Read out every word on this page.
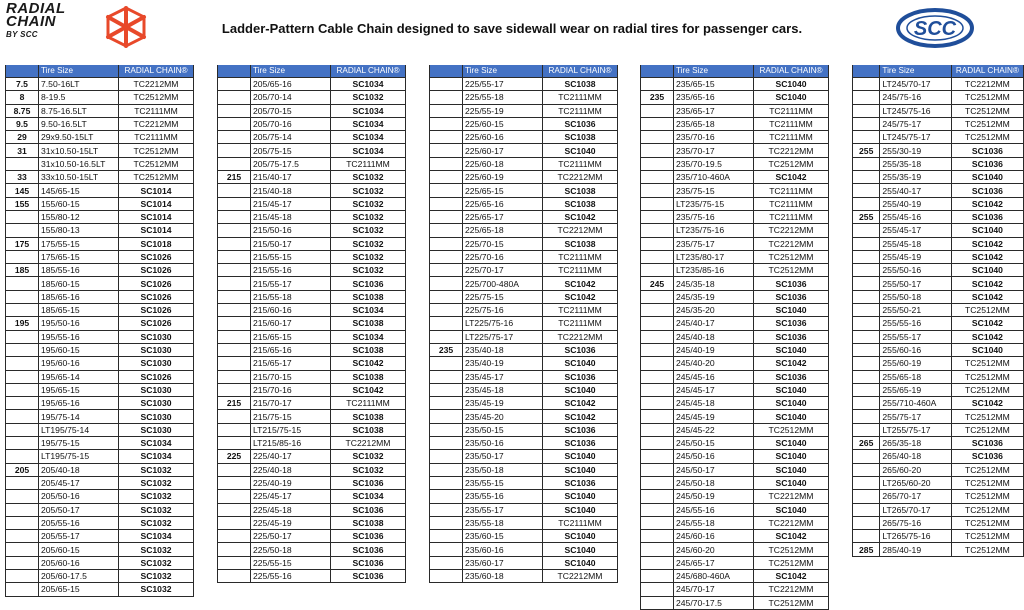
RADIAL
CHAIN
BY SCC	Ladder-Pattern Cable Chain designed to save sidewall wear on radial tires for passenger cars.	SCC
	Tire Size	RADIAL CHAIN®
7.5	7.50-16LT	TC2212MM
8	8-19.5	TC2512MM
8.75	8.75-16.5LT	TC2111MM
9.5	9.50-16.5LT	TC2212MM
29	29x9.50-15LT	TC2111MM
31	31x10.50-15LT	TC2512MM
	31x10.50-16.5LT	TC2512MM
33	33x10.50-15LT	TC2512MM
145	145/65-15	SC1014
155	155/60-15	SC1014
	155/80-12	SC1014
	155/80-13	SC1014
175	175/55-15	SC1018
	175/65-15	SC1026
185	185/55-16	SC1026
	185/60-15	SC1026
	185/65-16	SC1026
	185/65-15	SC1026
195	195/50-16	SC1026
	195/55-16	SC1030
	195/60-15	SC1030
	195/60-16	SC1030
	195/65-14	SC1026
	195/65-15	SC1030
	195/65-16	SC1030
	195/75-14	SC1030
	LT195/75-14	SC1030
	195/75-15	SC1034
	LT195/75-15	SC1034
205	205/40-18	SC1032
	205/45-17	SC1032
	205/50-16	SC1032
	205/50-17	SC1032
	205/55-16	SC1032
	205/55-17	SC1034
	205/60-15	SC1032
	205/60-16	SC1032
	205/60-17.5	SC1032
	205/65-15	SC1032
	Tire Size	RADIAL CHAIN®
	205/65-16	SC1034
	205/70-14	SC1032
	205/70-15	SC1034
	205/70-16	SC1034
	205/75-14	SC1034
	205/75-15	SC1034
	205/75-17.5	TC2111MM
215	215/40-17	SC1032
	215/40-18	SC1032
	215/45-17	SC1032
	215/45-18	SC1032
	215/50-16	SC1032
	215/50-17	SC1032
	215/55-15	SC1032
	215/55-16	SC1032
	215/55-17	SC1036
	215/55-18	SC1038
	215/60-16	SC1034
	215/60-17	SC1038
	215/65-15	SC1034
	215/65-16	SC1038
	215/65-17	SC1042
	215/70-15	SC1038
	215/70-16	SC1042
215	215/70-17	TC2111MM
	215/75-15	SC1038
	LT215/75-15	SC1038
	LT215/85-16	TC2212MM
225	225/40-17	SC1032
	225/40-18	SC1032
	225/40-19	SC1036
	225/45-17	SC1034
	225/45-18	SC1036
	225/45-19	SC1038
	225/50-17	SC1036
	225/50-18	SC1036
	225/55-15	SC1036
	225/55-16	SC1036
	Tire Size	RADIAL CHAIN®
	225/55-17	SC1038
	225/55-18	TC2111MM
	225/55-19	TC2111MM
	225/60-15	SC1036
	225/60-16	SC1038
	225/60-17	SC1040
	225/60-18	TC2111MM
	225/60-19	TC2212MM
	225/65-15	SC1038
	225/65-16	SC1038
	225/65-17	SC1042
	225/65-18	TC2212MM
	225/70-15	SC1038
	225/70-16	TC2111MM
	225/70-17	TC2111MM
	225/700-480A	SC1042
	225/75-15	SC1042
	225/75-16	TC2111MM
	LT225/75-16	TC2111MM
	LT225/75-17	TC2212MM
235	235/40-18	SC1036
	235/40-19	SC1040
	235/45-17	SC1036
	235/45-18	SC1040
	235/45-19	SC1042
	235/45-20	SC1042
	235/50-15	SC1036
	235/50-16	SC1036
	235/50-17	SC1040
	235/50-18	SC1040
	235/55-15	SC1036
	235/55-16	SC1040
	235/55-17	SC1040
	235/55-18	TC2111MM
	235/60-15	SC1040
	235/60-16	SC1040
	235/60-17	SC1040
	235/60-18	TC2212MM
	Tire Size	RADIAL CHAIN®
	235/65-15	SC1040
235	235/65-16	SC1040
	235/65-17	TC2111MM
	235/65-18	TC2111MM
	235/70-16	TC2111MM
	235/70-17	TC2212MM
	235/70-19.5	TC2512MM
	235/710-460A	SC1042
	235/75-15	TC2111MM
	LT235/75-15	TC2111MM
	235/75-16	TC2111MM
	LT235/75-16	TC2212MM
	235/75-17	TC2212MM
	LT235/80-17	TC2512MM
	LT235/85-16	TC2512MM
245	245/35-18	SC1036
	245/35-19	SC1036
	245/35-20	SC1040
	245/40-17	SC1036
	245/40-18	SC1036
	245/40-19	SC1040
	245/40-20	SC1042
	245/45-16	SC1036
	245/45-17	SC1040
	245/45-18	SC1040
	245/45-19	SC1040
	245/45-22	TC2512MM
	245/50-15	SC1040
	245/50-16	SC1040
	245/50-17	SC1040
	245/50-18	SC1040
	245/50-19	TC2212MM
	245/55-16	SC1040
	245/55-18	TC2212MM
	245/60-16	SC1042
	245/60-20	TC2512MM
	245/65-17	TC2512MM
	245/680-460A	SC1042
	245/70-17	TC2212MM
	245/70-17.5	TC2512MM
	Tire Size	RADIAL CHAIN®
	LT245/70-17	TC2212MM
	245/75-16	TC2512MM
	LT245/75-16	TC2512MM
	245/75-17	TC2512MM
	LT245/75-17	TC2512MM
255	255/30-19	SC1036
	255/35-18	SC1036
	255/35-19	SC1040
	255/40-17	SC1036
	255/40-19	SC1042
255	255/45-16	SC1036
	255/45-17	SC1040
	255/45-18	SC1042
	255/45-19	SC1042
	255/50-16	SC1040
	255/50-17	SC1042
	255/50-18	SC1042
	255/50-21	TC2512MM
	255/55-16	SC1042
	255/55-17	SC1042
	255/60-16	SC1040
	255/60-19	TC2512MM
	255/65-18	TC2512MM
	255/65-19	TC2512MM
	255/710-460A	SC1042
	255/75-17	TC2512MM
	LT255/75-17	TC2512MM
265	265/35-18	SC1036
	265/40-18	SC1036
	265/60-20	TC2512MM
	LT265/60-20	TC2512MM
	265/70-17	TC2512MM
	LT265/70-17	TC2512MM
	265/75-16	TC2512MM
	LT265/75-16	TC2512MM
285	285/40-19	TC2512MM
